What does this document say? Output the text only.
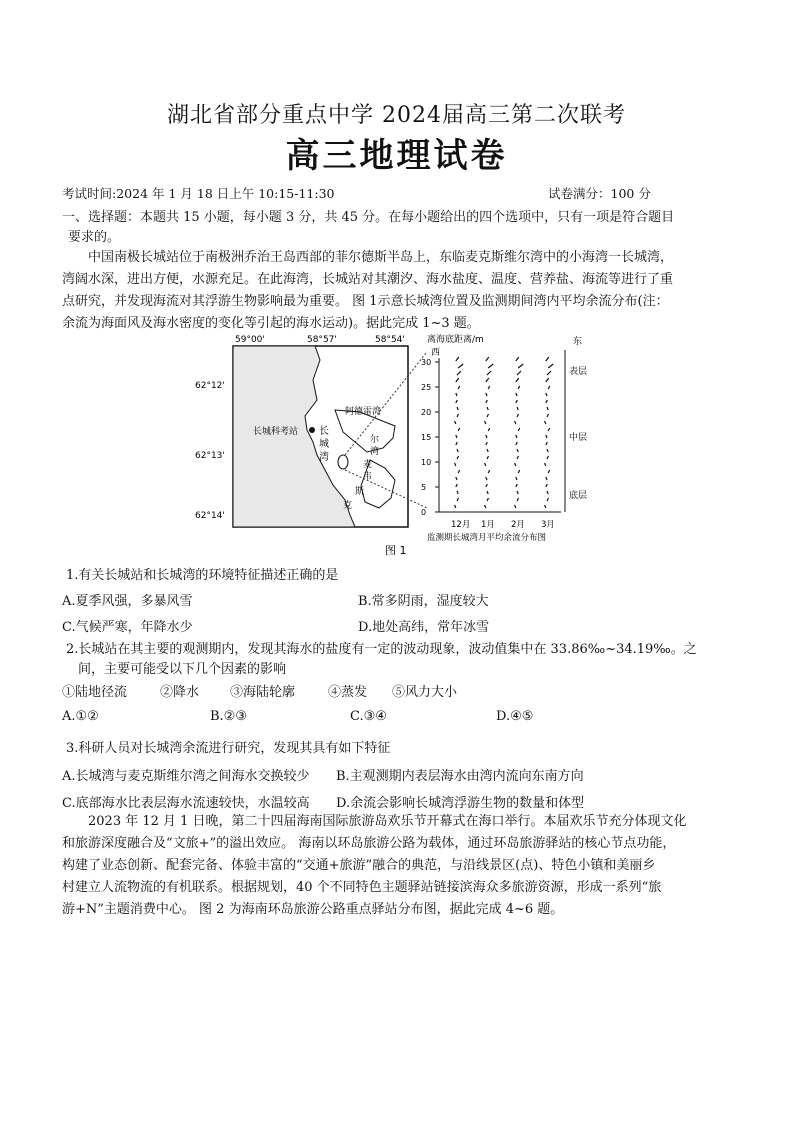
湖北省部分重点中学 2024届高三第二次联考
高三地理试卷
考试时间:2024 年 1 月 18 日上午 10:15-11:30	试卷满分：100 分
一、选择题：本题共 15 小题，每小题 3 分，共 45 分。在每小题给出的四个选项中，只有一项是符合题目
要求的。

中国南极长城站位于南极洲乔治王岛西部的菲尔德斯半岛上，东临麦克斯维尔湾中的小海湾一长城湾，

湾阔水深，进出方便，水源充足。在此海湾，长城站对其潮汐、海水盐度、温度、营养盐、海流等进行了重

点研究，并发现海流对其浮游生物影响最为重要。 图 1示意长城湾位置及监测期间湾内平均余流分布(注：

余流为海面风及海水密度的变化等引起的海水运动)。据此完成 1~3 题。

59°00'	58°57'	58°54'
62°12'
62°13'
62°14'
长城科考站 长
城
湾
阿德雷湾
尔
湾
麦
韦
斯
克
离海底距离/m
西
东
0
5
10
15
20
25
30
12月 1月 2月 3月
表层
中层
底层
监测期长城湾月平均余流分布图
图 1
1.有关长城站和长城湾的环境特征描述正确的是
A.夏季风强，多暴风雪	B.常多阴雨，湿度较大
C.气候严寒，年降水少	D.地处高纬，常年冰雪
2.长城站在其主要的观测期内，发现其海水的盐度有一定的波动现象，波动值集中在 33.86‰~34.19‰。之
间，主要可能受以下几个因素的影响
①陆地径流	②降水 ③海陆轮廓	④蒸发 ⑤风力大小
A.①②	B.②③	C.③④	D.④⑤
3.科研人员对长城湾余流进行研究，发现其具有如下特征
A.长城湾与麦克斯维尔湾之间海水交换较少 B.主观测期内表层海水由湾内流向东南方向
C.底部海水比表层海水流速较快，水温较高 D.余流会影响长城湾浮游生物的数量和体型

2023 年 12 月 1 日晚，第二十四届海南国际旅游岛欢乐节开幕式在海口举行。本届欢乐节充分体现文化

和旅游深度融合及“文旅+”的溢出效应。 海南以环岛旅游公路为载体，通过环岛旅游驿站的核心节点功能，

构建了业态创新、配套完备、体验丰富的“交通+旅游”融合的典范，与沿线景区(点)、特色小镇和美丽乡

村建立人流物流的有机联系。根据规划，40 个不同特色主题驿站链接滨海众多旅游资源，形成一系列“旅

游+N”主题消费中心。 图 2 为海南环岛旅游公路重点驿站分布图，据此完成 4~6 题。
